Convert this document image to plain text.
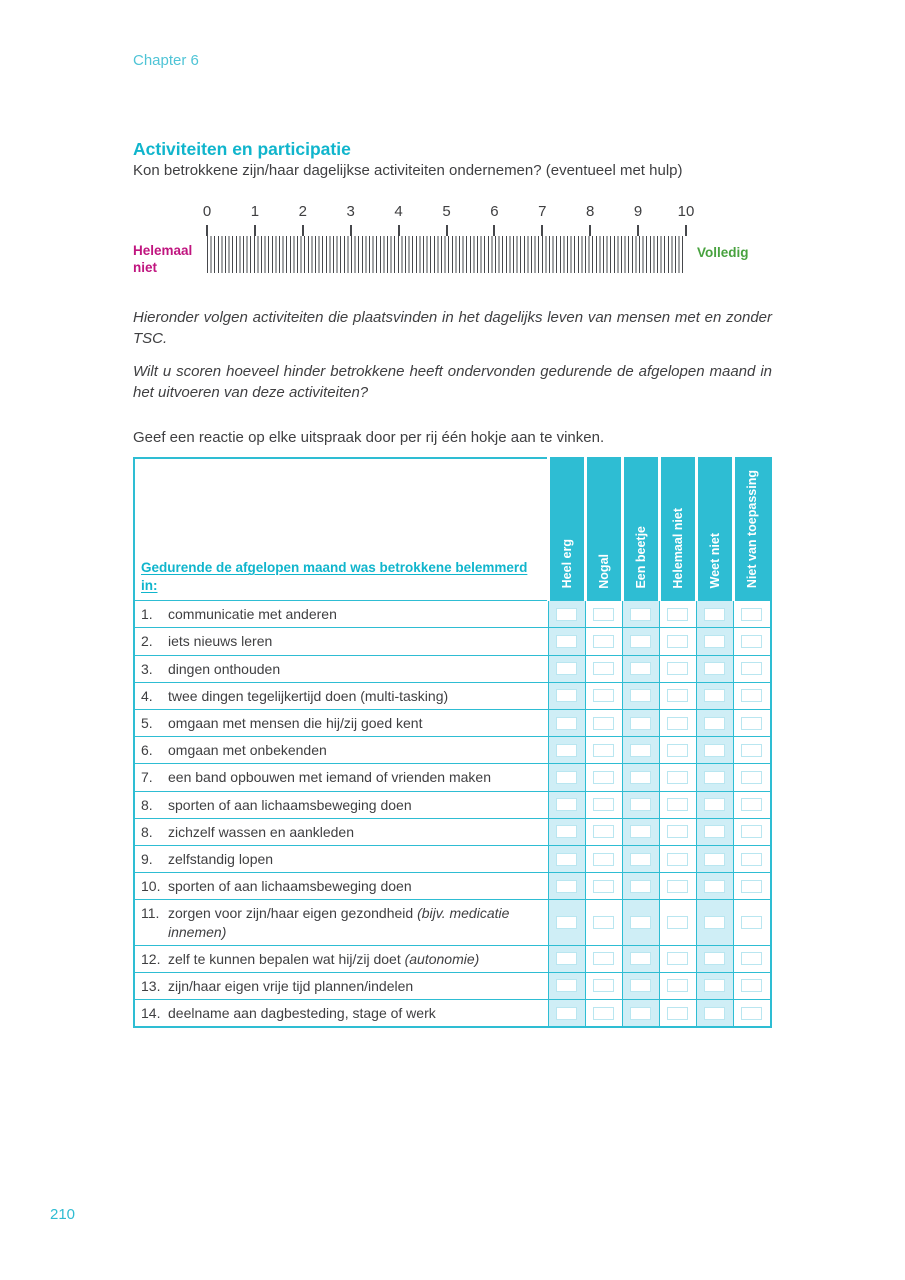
Chapter 6
Activiteiten en participatie

Kon betrokkene zijn/haar dagelijkse activiteiten ondernemen? (eventueel met hulp)

Helemaal niet
0	1	2	3	4	5	6	7	8	9 10
Volledig

Hieronder volgen activiteiten die plaatsvinden in het dagelijks leven van mensen met en zonder TSC.

Wilt u scoren hoeveel hinder betrokkene heeft ondervonden gedurende de afgelopen maand in het uitvoeren van deze activiteiten?

Geef een reactie op elke uitspraak door per rij één hokje aan te vinken.

Gedurende de afgelopen maand was betrokkene belemmerd in:	Heel erg	Nogal	Een beetje	Helemaal niet	Weet niet	Niet van toepassing

1. communicatie met anderen						

2. iets nieuws leren						

3. dingen onthouden						

4. twee dingen tegelijkertijd doen (multi-tasking)						

5. omgaan met mensen die hij/zij goed kent						

6. omgaan met onbekenden						

7. een band opbouwen met iemand of vrienden maken						

8. sporten of aan lichaamsbeweging doen						

8. zichzelf wassen en aankleden						

9. zelfstandig lopen						

10. sporten of aan lichaamsbeweging doen						

11. zorgen voor zijn/haar eigen gezondheid (bijv. medicatie innemen)						

12. zelf te kunnen bepalen wat hij/zij doet (autonomie)						

13. zijn/haar eigen vrije tijd plannen/indelen						

14. deelname aan dagbesteding, stage of werk						

210
